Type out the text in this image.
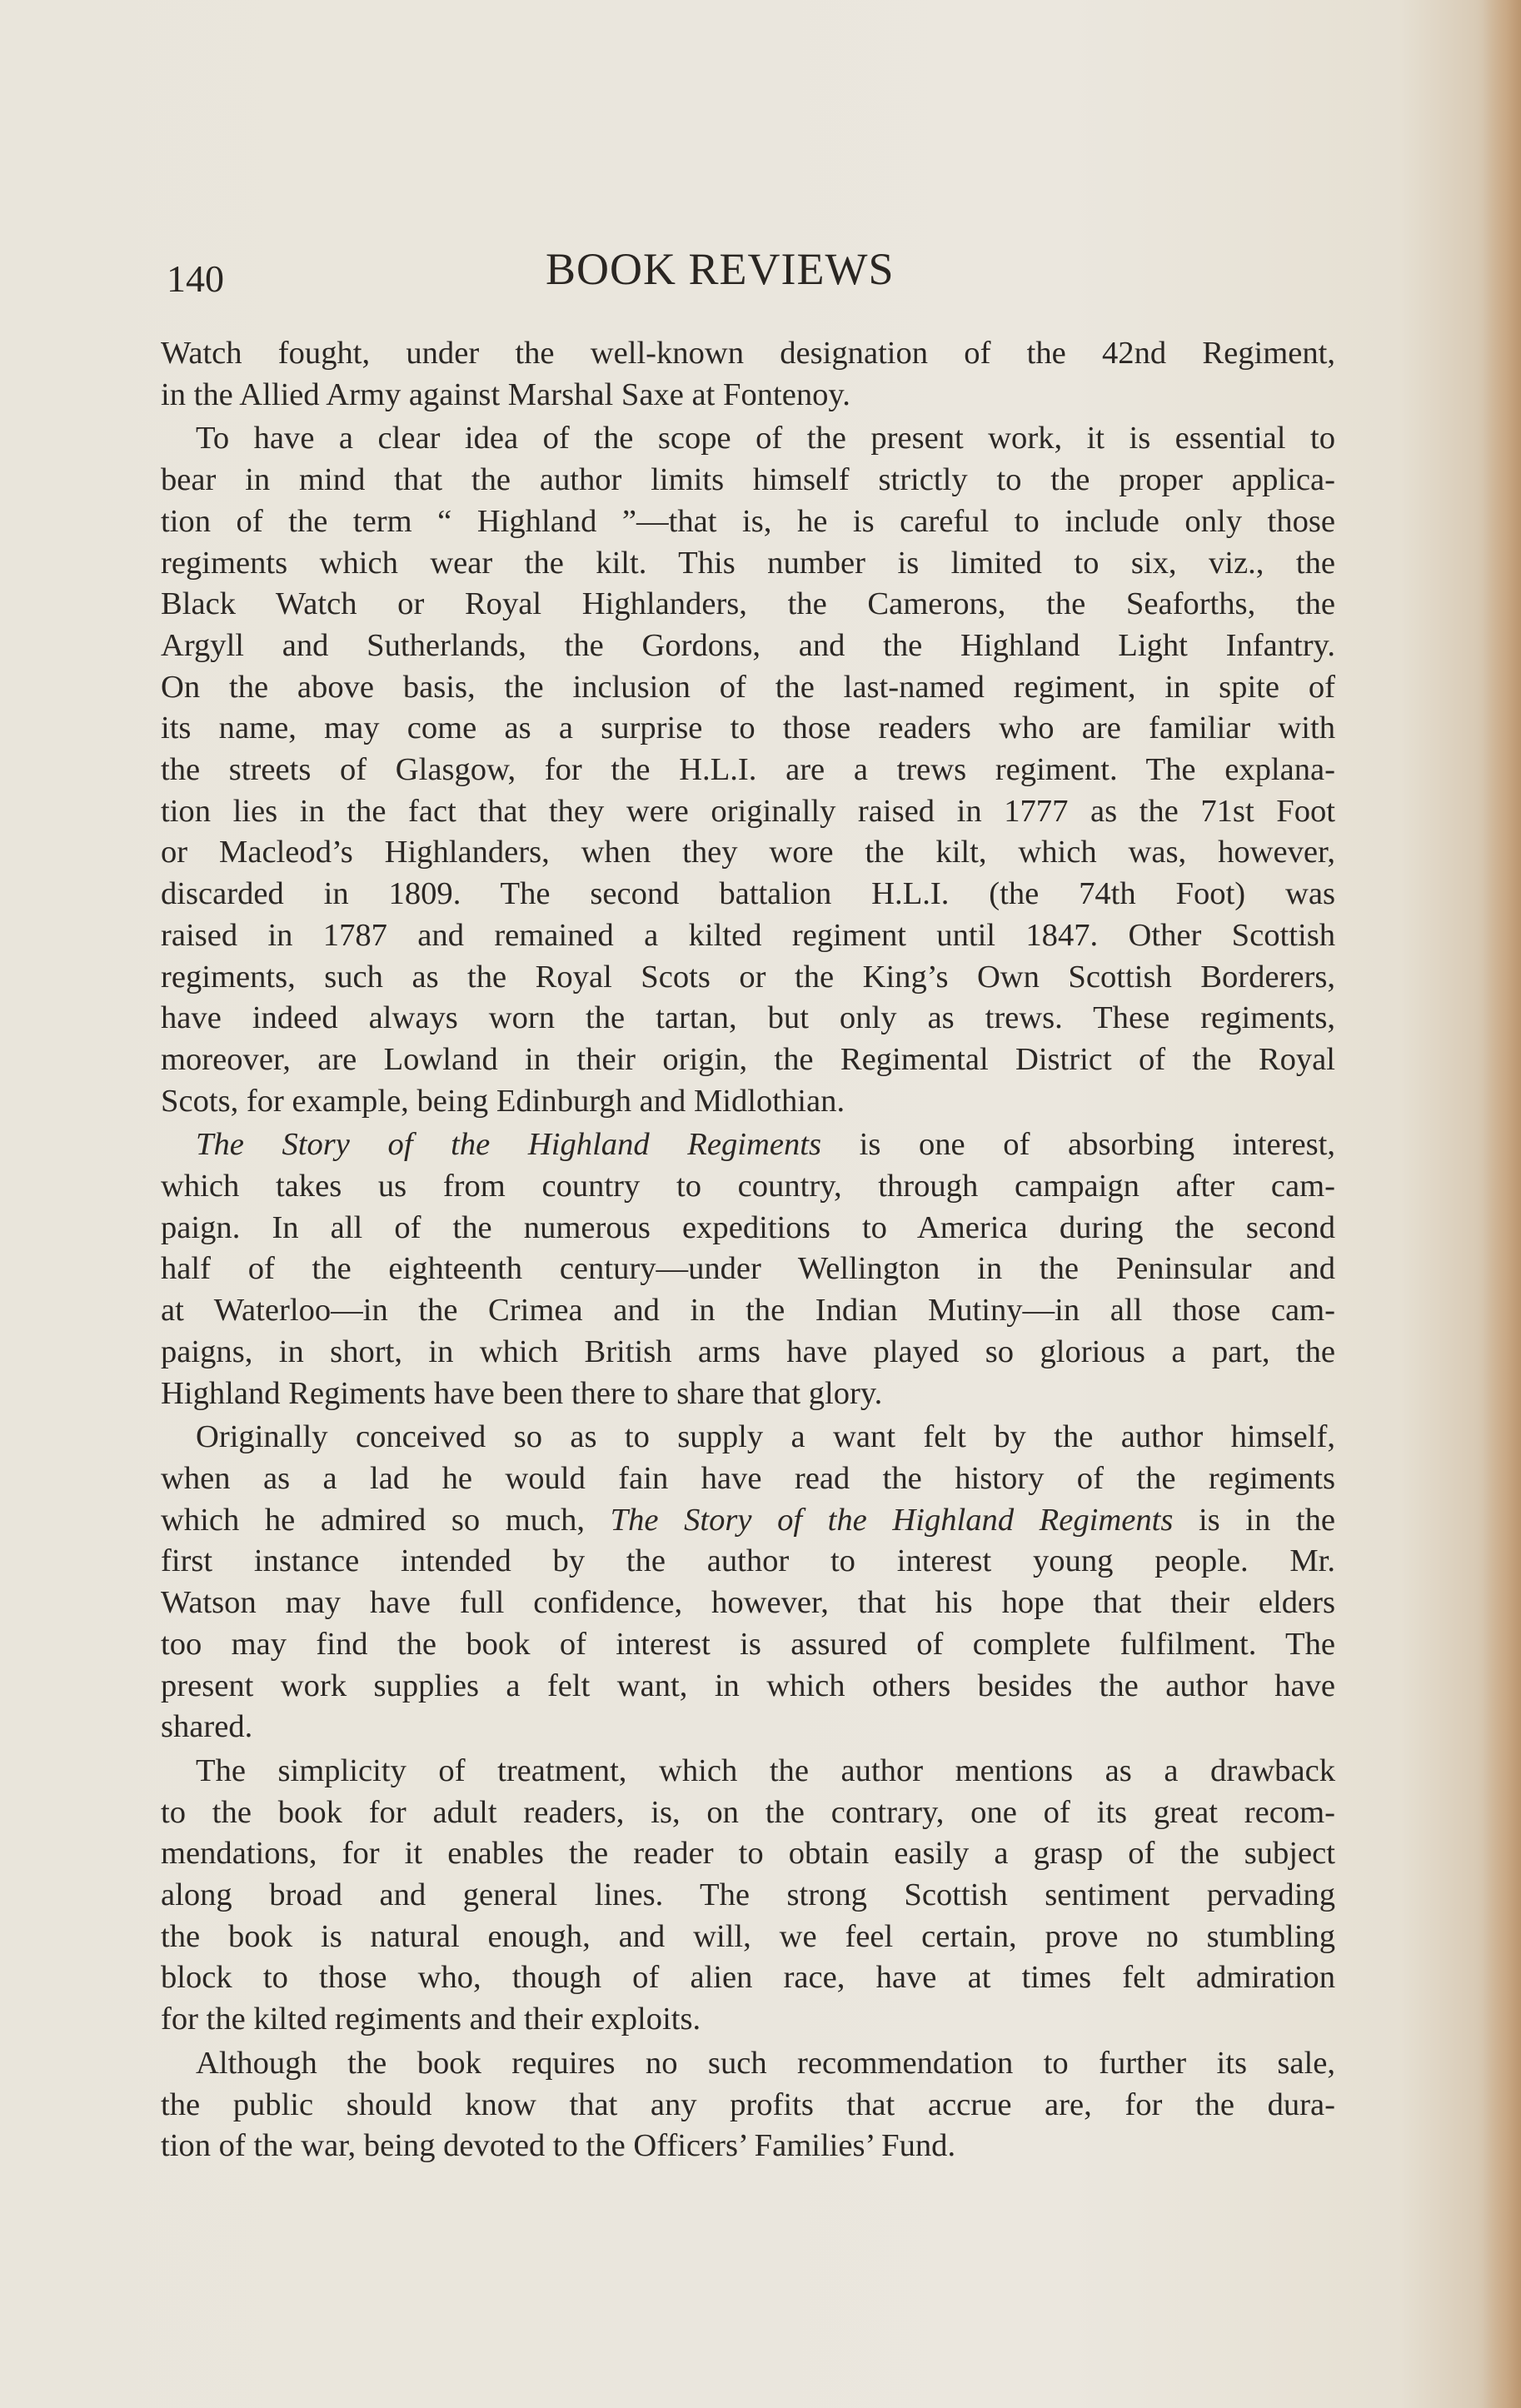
140	BOOK REVIEWS
Watch fought, under the well-known designation of the 42nd Regiment,
in the Allied Army against Marshal Saxe at Fontenoy.
To have a clear idea of the scope of the present work, it is essential to
bear in mind that the author limits himself strictly to the proper applica-
tion of the term “ Highland ”—that is, he is careful to include only those
regiments which wear the kilt. This number is limited to six, viz., the
Black Watch or Royal Highlanders, the Camerons, the Seaforths, the
Argyll and Sutherlands, the Gordons, and the Highland Light Infantry.
On the above basis, the inclusion of the last-named regiment, in spite of
its name, may come as a surprise to those readers who are familiar with
the streets of Glasgow, for the H.L.I. are a trews regiment. The explana-
tion lies in the fact that they were originally raised in 1777 as the 71st Foot
or Macleod’s Highlanders, when they wore the kilt, which was, however,
discarded in 1809. The second battalion H.L.I. (the 74th Foot) was
raised in 1787 and remained a kilted regiment until 1847. Other Scottish
regiments, such as the Royal Scots or the King’s Own Scottish Borderers,
have indeed always worn the tartan, but only as trews. These regiments,
moreover, are Lowland in their origin, the Regimental District of the Royal
Scots, for example, being Edinburgh and Midlothian.
The Story of the Highland Regiments is one of absorbing interest,
which takes us from country to country, through campaign after cam-
paign. In all of the numerous expeditions to America during the second
half of the eighteenth century—under Wellington in the Peninsular and
at Waterloo—in the Crimea and in the Indian Mutiny—in all those cam-
paigns, in short, in which British arms have played so glorious a part, the
Highland Regiments have been there to share that glory.
Originally conceived so as to supply a want felt by the author himself,
when as a lad he would fain have read the history of the regiments
which he admired so much, The Story of the Highland Regiments is in the
first instance intended by the author to interest young people. Mr.
Watson may have full confidence, however, that his hope that their elders
too may find the book of interest is assured of complete fulfilment. The
present work supplies a felt want, in which others besides the author have
shared.
The simplicity of treatment, which the author mentions as a drawback
to the book for adult readers, is, on the contrary, one of its great recom-
mendations, for it enables the reader to obtain easily a grasp of the subject
along broad and general lines. The strong Scottish sentiment pervading
the book is natural enough, and will, we feel certain, prove no stumbling
block to those who, though of alien race, have at times felt admiration
for the kilted regiments and their exploits.
Although the book requires no such recommendation to further its sale,
the public should know that any profits that accrue are, for the dura-
tion of the war, being devoted to the Officers’ Families’ Fund.
